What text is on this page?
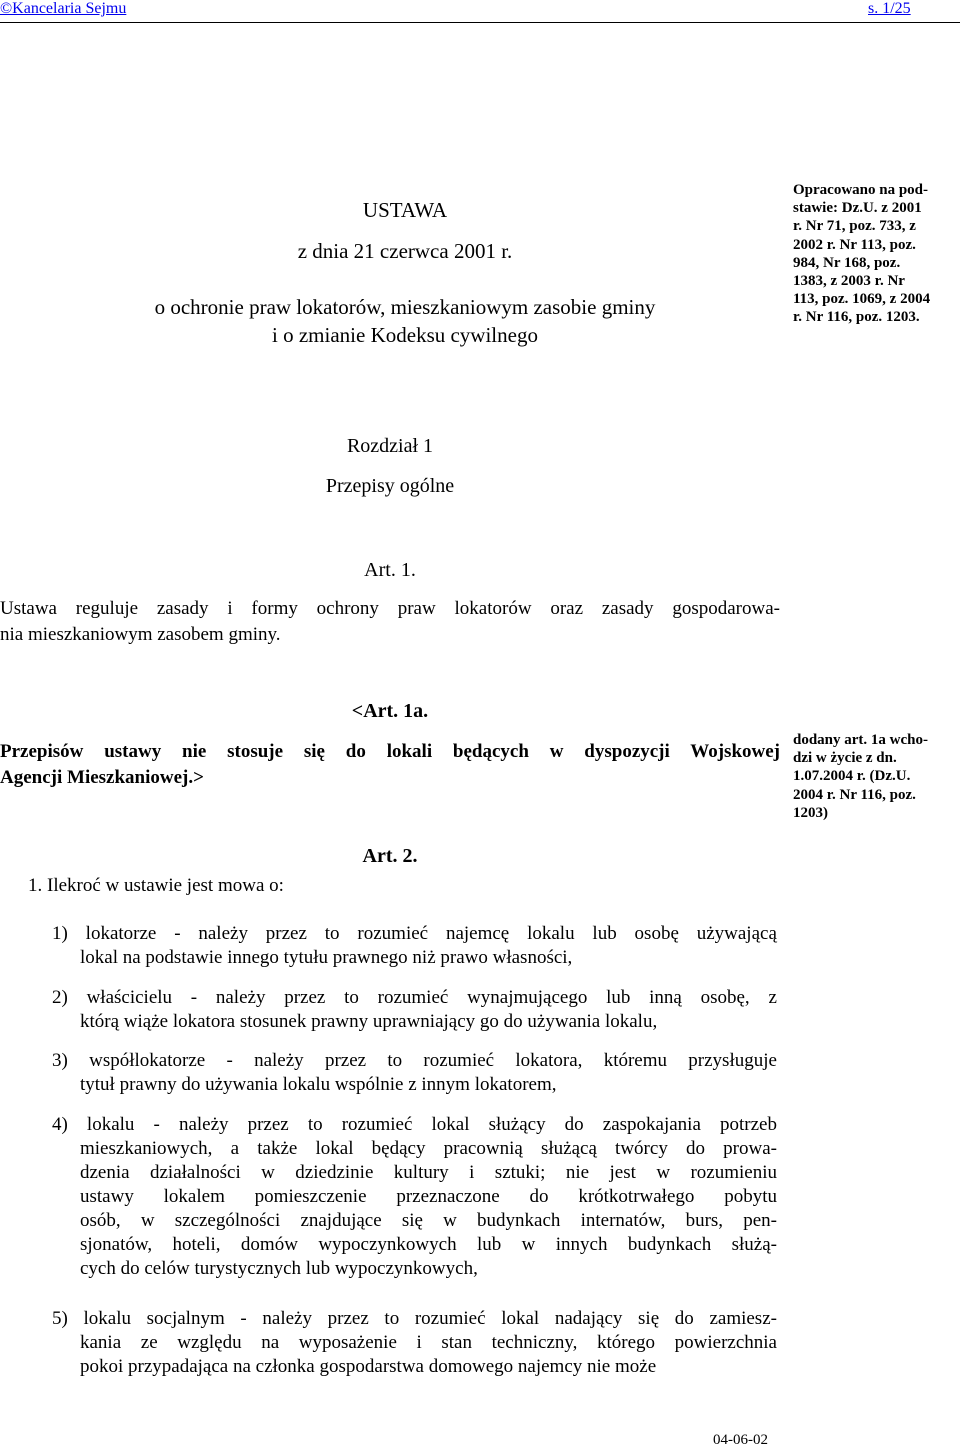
©Kancelaria Sejmu	s. 1/25
USTAWA
z dnia 21 czerwca 2001 r.
o ochronie praw lokatorów, mieszkaniowym zasobie gminy
i o zmianie Kodeksu cywilnego
Opracowano na pod-
stawie: Dz.U. z 2001
r. Nr 71, poz. 733, z
2002 r. Nr 113, poz.
984, Nr 168, poz.
1383, z 2003 r. Nr
113, poz. 1069, z 2004
r. Nr 116, poz. 1203.
Rozdział 1
Przepisy ogólne
Art. 1.
Ustawa reguluje zasady i formy ochrony praw lokatorów oraz zasady gospodarowa-
nia mieszkaniowym zasobem gminy.
<Art. 1a.
Przepisów ustawy nie stosuje się do lokali będących w dyspozycji Wojskowej
Agencji Mieszkaniowej.>
dodany art. 1a wcho-
dzi w życie z dn.
1.07.2004 r. (Dz.U.
2004 r. Nr 116, poz.
1203)
Art. 2.
1. Ilekroć w ustawie jest mowa o:
1) lokatorze - należy przez to rozumieć najemcę lokalu lub osobę używającą
lokal na podstawie innego tytułu prawnego niż prawo własności,
2) właścicielu - należy przez to rozumieć wynajmującego lub inną osobę, z
którą wiąże lokatora stosunek prawny uprawniający go do używania lokalu,
3) współlokatorze - należy przez to rozumieć lokatora, któremu przysługuje
tytuł prawny do używania lokalu wspólnie z innym lokatorem,
4) lokalu - należy przez to rozumieć lokal służący do zaspokajania potrzeb
mieszkaniowych, a także lokal będący pracownią służącą twórcy do prowa-
dzenia działalności w dziedzinie kultury i sztuki; nie jest w rozumieniu
ustawy lokalem pomieszczenie przeznaczone do krótkotrwałego pobytu
osób, w szczególności znajdujące się w budynkach internatów, burs, pen-
sjonatów, hoteli, domów wypoczynkowych lub w innych budynkach służą-
cych do celów turystycznych lub wypoczynkowych,
5) lokalu socjalnym - należy przez to rozumieć lokal nadający się do zamiesz-
kania ze względu na wyposażenie i stan techniczny, którego powierzchnia
pokoi przypadająca na członka gospodarstwa domowego najemcy nie może
04-06-02
